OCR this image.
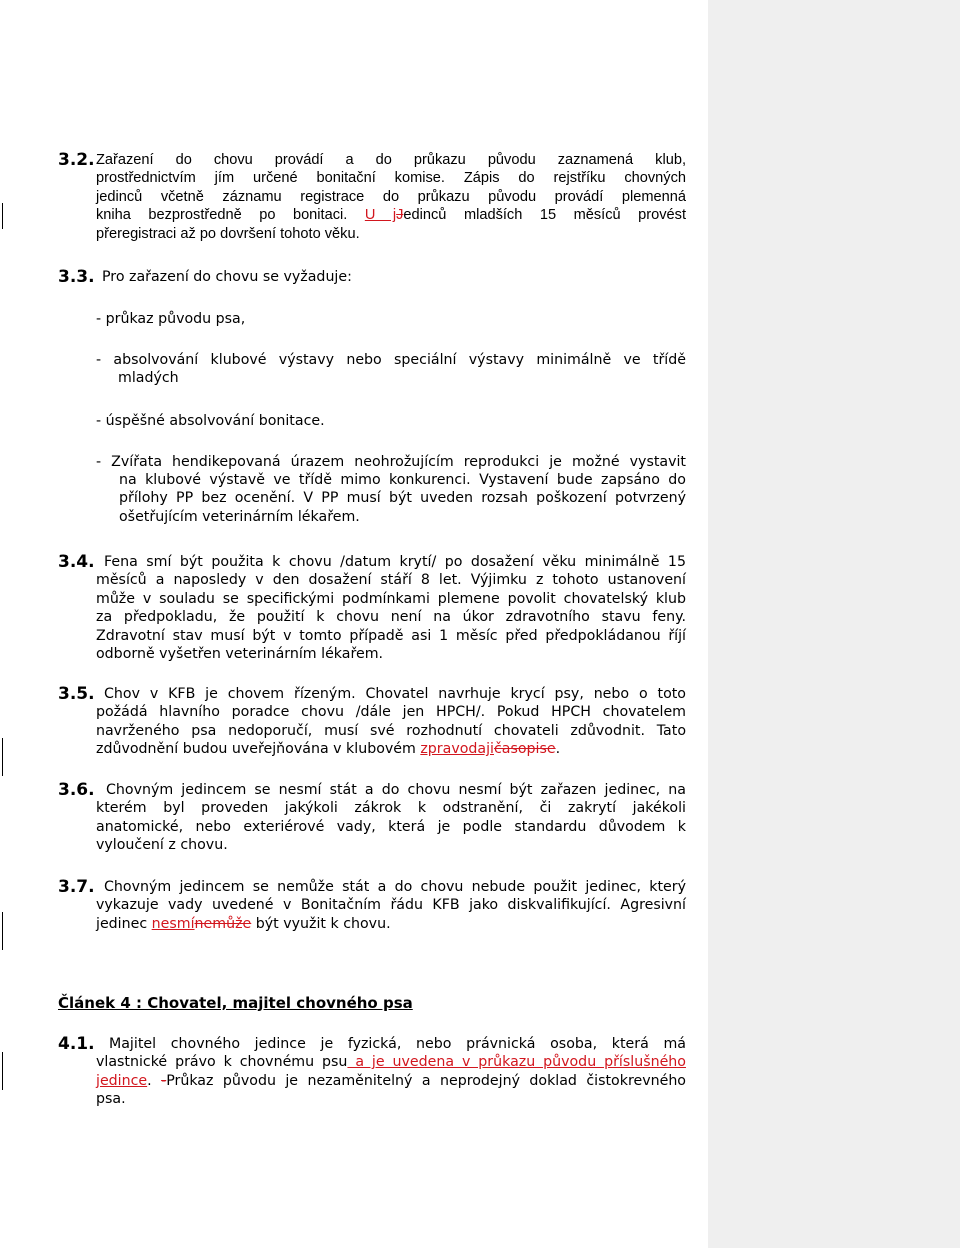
3.2. Zařazení do chovu provádí a do průkazu původu zaznamená klub,
prostřednictvím jím určené bonitační komise. Zápis do rejstříku chovných
jedinců včetně záznamu registrace do průkazu původu provádí plemenná
kniha bezprostředně po bonitaci. U jJedinců mladších 15 měsíců provést
přeregistraci až po dovršení tohoto věku.
3.3. Pro zařazení do chovu se vyžaduje:
- průkaz původu psa,
- absolvování klubové výstavy nebo speciální výstavy minimálně ve třídě
mladých
- úspěšné absolvování bonitace.
- Zvířata hendikepovaná úrazem neohrožujícím reprodukci je možné vystavit
na klubové výstavě ve třídě mimo konkurenci. Vystavení bude zapsáno do
přílohy PP bez ocenění. V PP musí být uveden rozsah poškození potvrzený
ošetřujícím veterinárním lékařem.
3.4. Fena smí být použita k chovu /datum krytí/ po dosažení věku minimálně 15
měsíců a naposledy v den dosažení stáří 8 let. Výjimku z tohoto ustanovení
může v souladu se specifickými podmínkami plemene povolit chovatelský klub
za předpokladu, že použití k chovu není na úkor zdravotního stavu feny.
Zdravotní stav musí být v tomto případě asi 1 měsíc před předpokládanou říjí
odborně vyšetřen veterinárním lékařem.
3.5. Chov v KFB je chovem řízeným. Chovatel navrhuje krycí psy, nebo o toto
požádá hlavního poradce chovu /dále jen HPCH/. Pokud HPCH chovatelem
navrženého psa nedoporučí, musí své rozhodnutí chovateli zdůvodnit. Tato
zdůvodnění budou uveřejňována v klubovém zpravodajičasopise.
3.6. Chovným jedincem se nesmí stát a do chovu nesmí být zařazen jedinec, na
kterém byl proveden jakýkoli zákrok k odstranění, či zakrytí jakékoli
anatomické, nebo exteriérové vady, která je podle standardu důvodem k
vyloučení z chovu.
3.7. Chovným jedincem se nemůže stát a do chovu nebude použit jedinec, který
vykazuje vady uvedené v Bonitačním řádu KFB jako diskvalifikující. Agresivní
jedinec nesmínemůže být využit k chovu.
Článek 4 : Chovatel, majitel chovného psa
4.1.	Majitel chovného jedince je fyzická, nebo právnická osoba, která má
vlastnické právo k chovnému psu a je uvedena v průkazu původu příslušného
jedince. -Průkaz původu je nezaměnitelný a neprodejný doklad čistokrevného
psa.
